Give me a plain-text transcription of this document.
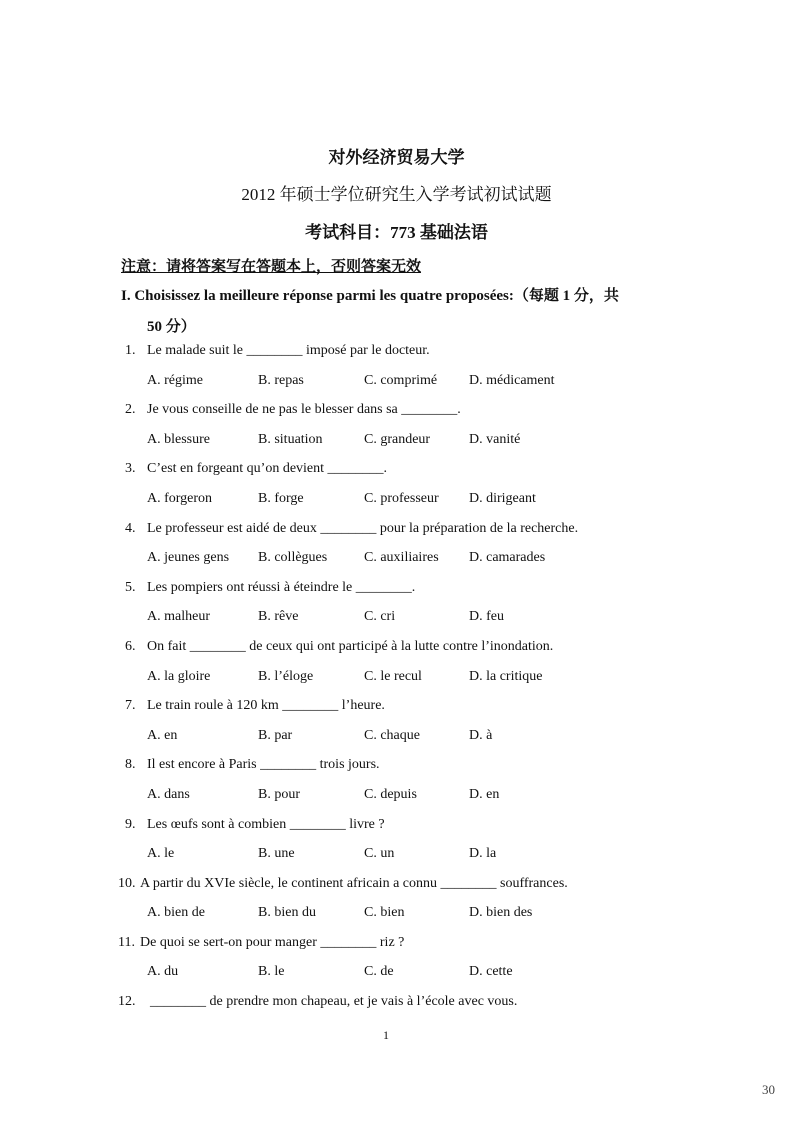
对外经济贸易大学
2012 年硕士学位研究生入学考试初试试题
考试科目：773 基础法语
注意：请将答案写在答题本上，否则答案无效
I. Choisissez la meilleure réponse parmi les quatre proposées:（每题 1 分，共
50 分）
1. Le malade suit le ________ imposé par le docteur.
A. régime	B. repas	C. comprimé D. médicament
2. Je vous conseille de ne pas le blesser dans sa ________.
A. blessure	B. situation	C. grandeur	D. vanité
3. C’est en forgeant qu’on devient ________.
A. forgeron	B. forge	C. professeur D. dirigeant
4. Le professeur est aidé de deux ________ pour la préparation de la recherche.
A. jeunes gens B. collègues	C. auxiliaires D. camarades
5. Les pompiers ont réussi à éteindre le ________.
A. malheur	B. rêve	C. cri	D. feu
6. On fait ________ de ceux qui ont participé à la lutte contre l’inondation.
A. la gloire	B. l’éloge	C. le recul	D. la critique
7. Le train roule à 120 km ________ l’heure.
A. en	B. par	C. chaque	D. à
8. Il est encore à Paris ________ trois jours.
A. dans	B. pour	C. depuis	D. en
9. Les œufs sont à combien ________ livre ?
A. le	B. une	C. un	D. la
10. A partir du XVIe siècle, le continent africain a connu ________ souffrances.
A. bien de	B. bien du	C. bien	D. bien des
11. De quoi se sert-on pour manger ________ riz ?
A. du	B. le	C. de	D. cette
12. ________ de prendre mon chapeau, et je vais à l’école avec vous.
1
30
